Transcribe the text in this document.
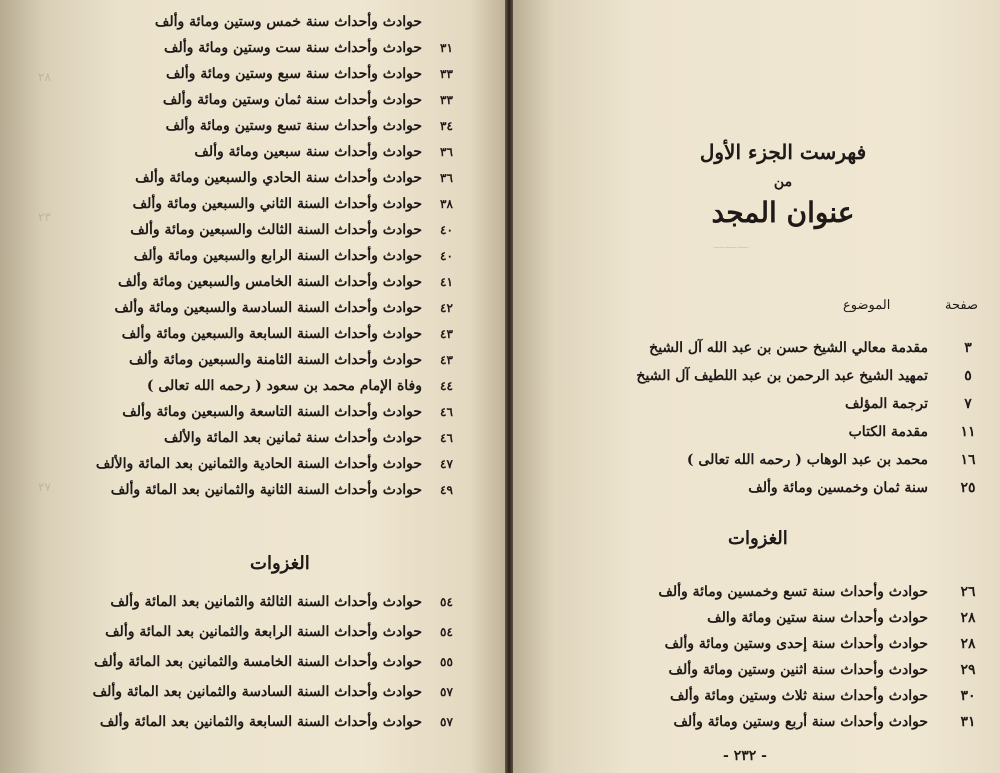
٢٨
٢٣
٢٧
حوادث وأحداث سنة خمس وستين ومائة وألف
حوادث وأحداث سنة ست وستين ومائة وألف ٣١
حوادث وأحداث سنة سبع وستين ومائة وألف ٣٣
حوادث وأحداث سنة ثمان وستين ومائة وألف ٣٣
حوادث وأحداث سنة تسع وستين ومائة وألف ٣٤
حوادث وأحداث سنة سبعين ومائة وألف ٣٦
حوادث وأحداث سنة الحادي والسبعين ومائة وألف ٣٦
حوادث وأحداث السنة الثاني والسبعين ومائة وألف ٣٨
حوادث وأحداث السنة الثالث والسبعين ومائة وألف ٤٠
حوادث وأحداث السنة الرابع والسبعين ومائة وألف ٤٠
حوادث وأحداث السنة الخامس والسبعين ومائة وألف ٤١
حوادث وأحداث السنة السادسة والسبعين ومائة وألف ٤٢
حوادث وأحداث السنة السابعة والسبعين ومائة وألف ٤٣
حوادث وأحداث السنة الثامنة والسبعين ومائة وألف ٤٣
وفاة الإمام محمد بن سعود ( رحمه الله تعالى ) ٤٤
حوادث وأحداث السنة التاسعة والسبعين ومائة وألف ٤٦
حوادث وأحداث سنة ثمانين بعد المائة والألف ٤٦
حوادث وأحداث السنة الحادية والثمانين بعد المائة والألف ٤٧
حوادث وأحداث السنة الثانية والثمانين بعد المائة وألف ٤٩
الغزوات
حوادث وأحداث السنة الثالثة والثمانين بعد المائة وألف ٥٤
حوادث وأحداث السنة الرابعة والثمانين بعد المائة وألف ٥٤
حوادث وأحداث السنة الخامسة والثمانين بعد المائة وألف ٥٥
حوادث وأحداث السنة السادسة والثمانين بعد المائة وألف ٥٧
حوادث وأحداث السنة السابعة والثمانين بعد المائة وألف ٥٧
———
فهرست الجزء الأول
من
عنوان المجد
صفحة
الموضوع
مقدمة معالي الشيخ حسن بن عبد الله آل الشيخ	٣
تمهيد الشيخ عبد الرحمن بن عبد اللطيف آل الشيخ	٥
ترجمة المؤلف	٧
مقدمة الكتاب	١١
محمد بن عبد الوهاب ( رحمه الله تعالى )	١٦
سنة ثمان وخمسين ومائة وألف	٢٥
الغزوات
حوادث وأحداث سنة تسع وخمسين ومائة وألف	٢٦
حوادث وأحداث سنة ستين ومائة والف	٢٨
حوادث وأحداث سنة إحدى وستين ومائة وألف	٢٨
حوادث وأحداث سنة اثنين وستين ومائة وألف	٢٩
حوادث وأحداث سنة ثلاث وستين ومائة وألف	٣٠
حوادث وأحداث سنة أربع وستين ومائة وألف	٣١
- ٢٣٢ -
